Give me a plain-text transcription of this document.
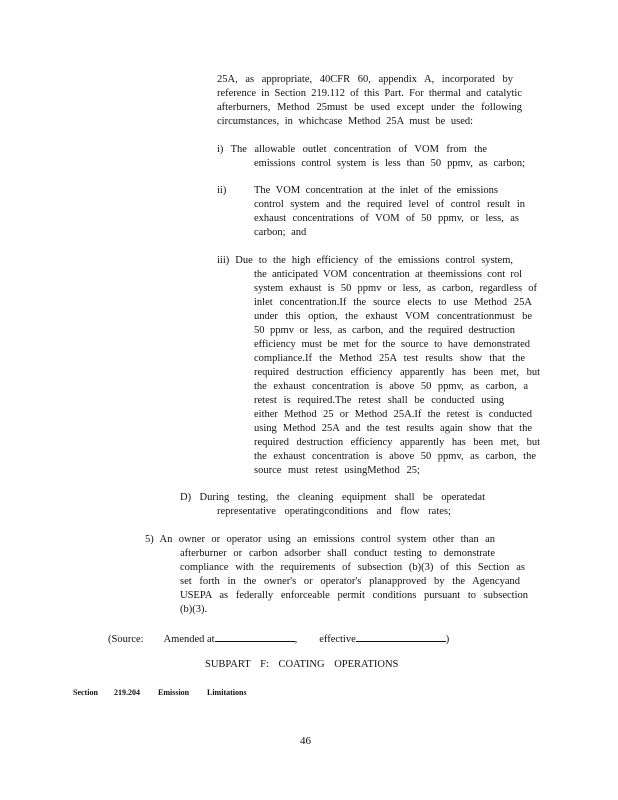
25A, as appropriate, 40CFR 60, appendix A, incorporated by
reference in Section 219.112 of this Part. For thermal and catalytic
afterburners, Method 25must be used except under the following
circumstances, in whichcase Method 25A must be used:
i) The allowable outlet concentration of VOM from the
emissions control system is less than 50 ppmv, as carbon;
ii)	The VOM concentration at the inlet of the emissions
control system and the required level of control result in
exhaust concentrations of VOM of 50 ppmv, or less, as
carbon; and
iii) Due to the high efficiency of the emissions control system,
the anticipated VOM concentration at theemissions cont rol
system exhaust is 50 ppmv or less, as carbon, regardless of
inlet concentration.If the source elects to use Method 25A
under this option, the exhaust VOM concentrationmust be
50 ppmv or less, as carbon, and the required destruction
efficiency must be met for the source to have demonstrated
compliance.If the Method 25A test results show that the
required destruction efficiency apparently has been met, but
the exhaust concentration is above 50 ppmv, as carbon, a
retest is required.The retest shall be conducted using
either Method 25 or Method 25A.If the retest is conducted
using Method 25A and the test results again show that the
required destruction efficiency apparently has been met, but
the exhaust concentration is above 50 ppmv, as carbon, the
source must retest usingMethod 25;
D) During testing, the cleaning equipment shall be operatedat
representative operatingconditions and flow rates;
5) An owner or operator using an emissions control system other than an
afterburner or carbon adsorber shall conduct testing to demonstrate
compliance with the requirements of subsection (b)(3) of this Section as
set forth in the owner's or operator's planapproved by the Agencyand
USEPA as federally enforceable permit conditions pursuant to subsection
(b)(3).
(Source: Amended at	, effective	)
SUBPART F: COATING OPERATIONS
Section 219.204 Emission Limitations
46
